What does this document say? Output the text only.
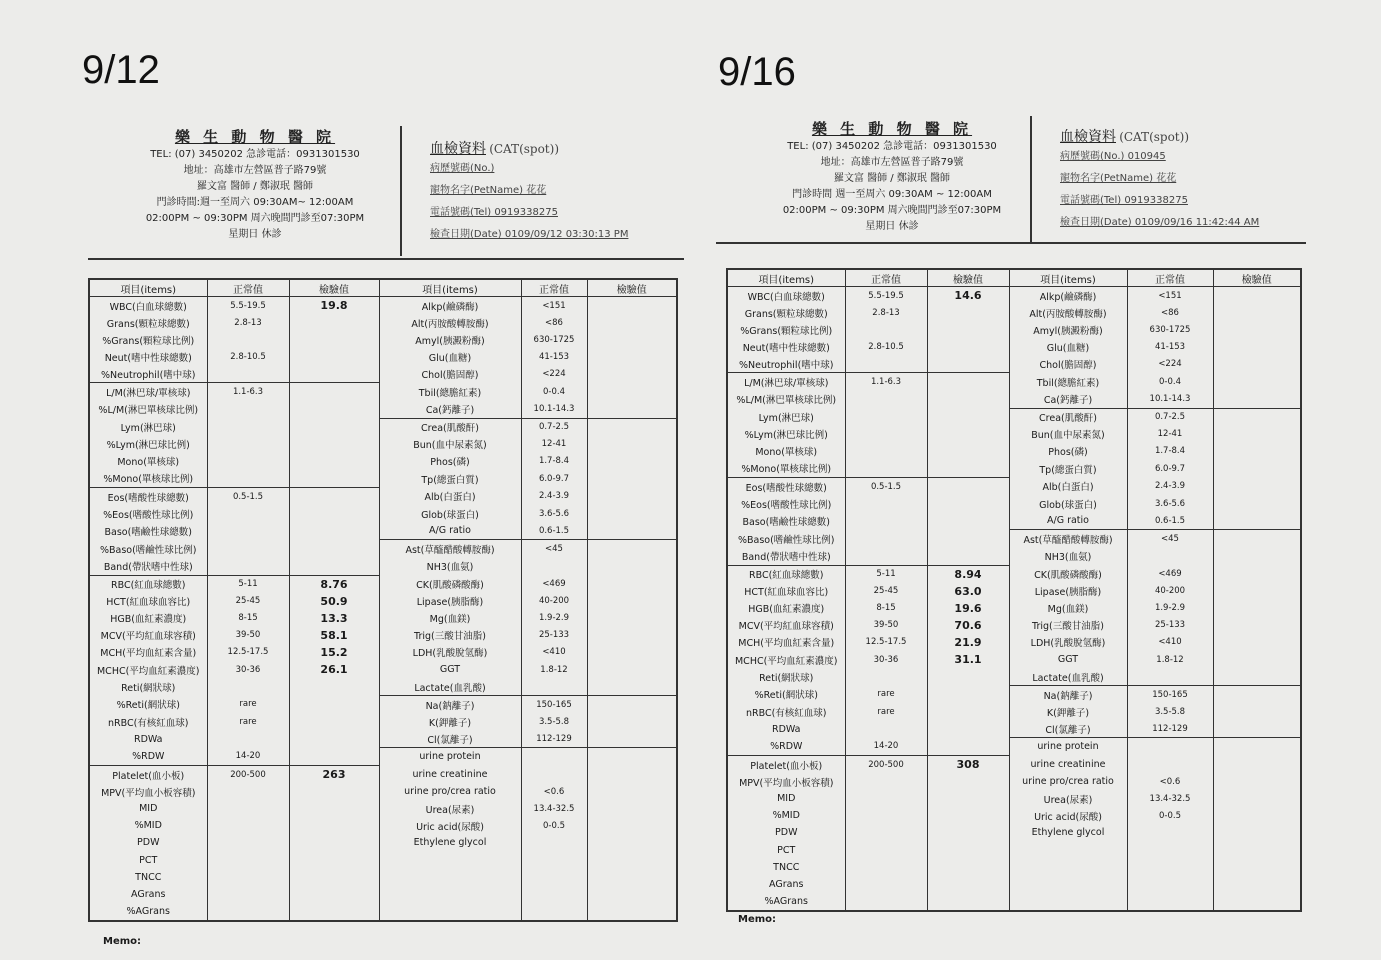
9/12	9/16
樂 生 動 物 醫 院
TEL: (07) 3450202 急診電話：0931301530
地址：高雄市左營區普子路79號
羅文富 醫師 / 鄭淑珉 醫師
門診時間:週一至周六 09:30AM~ 12:00AM
02:00PM ~ 09:30PM 周六晚間門診至07:30PM
星期日 休診
血檢資料 (CAT(spot))
病歷號碼(No.)
寵物名字(PetName) 花花
電話號碼(Tel) 0919338275
檢查日期(Date) 0109/09/12 03:30:13 PM
項目(items)	正常值	檢驗值	項目(items)	正常值	檢驗值
WBC(白血球總數)	5.5-19.5	19.8	Alkp(鹼磷酶)	<151	
Grans(顆粒球總數)	2.8-13		Alt(丙胺酸轉胺酶)	<86	
%Grans(顆粒球比例)			Amyl(胰澱粉酶)	630-1725	
Neut(嗜中性球總數)	2.8-10.5		Glu(血糖)	41-153	
%Neutrophil(嗜中球)			Chol(膽固醇)	<224	
L/M(淋巴球/單核球)	1.1-6.3		Tbil(總膽紅素)	0-0.4	
%L/M(淋巴單核球比例)			Ca(鈣離子)	10.1-14.3	
Lym(淋巴球)			Crea(肌酸酐)	0.7-2.5	
%Lym(淋巴球比例)			Bun(血中尿素氮)	12-41	
Mono(單核球)			Phos(磷)	1.7-8.4	
%Mono(單核球比例)			Tp(總蛋白質)	6.0-9.7	
Eos(嗜酸性球總數)	0.5-1.5		Alb(白蛋白)	2.4-3.9	
%Eos(嗜酸性球比例)			Glob(球蛋白)	3.6-5.6	
Baso(嗜鹼性球總數)			A/G ratio	0.6-1.5	
%Baso(嗜鹼性球比例)			Ast(草醯醋酸轉胺酶)	<45	
Band(帶狀嗜中性球)			NH3(血氨)		
RBC(紅血球總數)	5-11	8.76	CK(肌酸磷酸酶)	<469	
HCT(紅血球血容比)	25-45	50.9	Lipase(胰脂酶)	40-200	
HGB(血紅素濃度)	8-15	13.3	Mg(血鎂)	1.9-2.9	
MCV(平均紅血球容積)	39-50	58.1	Trig(三酸甘油脂)	25-133	
MCH(平均血紅素含量)	12.5-17.5	15.2	LDH(乳酸脫氫酶)	<410	
MCHC(平均血紅素濃度)	30-36	26.1	GGT	1.8-12	
Reti(網狀球)			Lactate(血乳酸)		
%Reti(網狀球)	rare		Na(鈉離子)	150-165	
nRBC(有核紅血球)	rare		K(鉀離子)	3.5-5.8	
RDWa			Cl(氯離子)	112-129	
%RDW	14-20		urine protein		
Platelet(血小板)	200-500	263	urine creatinine		
MPV(平均血小板容積)			urine pro/crea ratio	<0.6	
MID			Urea(尿素)	13.4-32.5	
%MID			Uric acid(尿酸)	0-0.5	
PDW			Ethylene glycol		
PCT					
TNCC					
AGrans					
%AGrans					
Memo:
樂 生 動 物 醫 院
TEL: (07) 3450202 急診電話：0931301530
地址：高雄市左營區普子路79號
羅文富 醫師 / 鄭淑珉 醫師
門診時間 週一至周六 09:30AM ~ 12:00AM
02:00PM ~ 09:30PM 周六晚間門診至07:30PM
星期日 休診
血檢資料 (CAT(spot))
病歷號碼(No.) 010945
寵物名字(PetName) 花花
電話號碼(Tel) 0919338275
檢查日期(Date) 0109/09/16 11:42:44 AM
項目(items)	正常值	檢驗值	項目(items)	正常值	檢驗值
WBC(白血球總數)	5.5-19.5	14.6	Alkp(鹼磷酶)	<151	
Grans(顆粒球總數)	2.8-13		Alt(丙胺酸轉胺酶)	<86	
%Grans(顆粒球比例)			Amyl(胰澱粉酶)	630-1725	
Neut(嗜中性球總數)	2.8-10.5		Glu(血糖)	41-153	
%Neutrophil(嗜中球)			Chol(膽固醇)	<224	
L/M(淋巴球/單核球)	1.1-6.3		Tbil(總膽紅素)	0-0.4	
%L/M(淋巴單核球比例)			Ca(鈣離子)	10.1-14.3	
Lym(淋巴球)			Crea(肌酸酐)	0.7-2.5	
%Lym(淋巴球比例)			Bun(血中尿素氮)	12-41	
Mono(單核球)			Phos(磷)	1.7-8.4	
%Mono(單核球比例)			Tp(總蛋白質)	6.0-9.7	
Eos(嗜酸性球總數)	0.5-1.5		Alb(白蛋白)	2.4-3.9	
%Eos(嗜酸性球比例)			Glob(球蛋白)	3.6-5.6	
Baso(嗜鹼性球總數)			A/G ratio	0.6-1.5	
%Baso(嗜鹼性球比例)			Ast(草醯醋酸轉胺酶)	<45	
Band(帶狀嗜中性球)			NH3(血氨)		
RBC(紅血球總數)	5-11	8.94	CK(肌酸磷酸酶)	<469	
HCT(紅血球血容比)	25-45	63.0	Lipase(胰脂酶)	40-200	
HGB(血紅素濃度)	8-15	19.6	Mg(血鎂)	1.9-2.9	
MCV(平均紅血球容積)	39-50	70.6	Trig(三酸甘油脂)	25-133	
MCH(平均血紅素含量)	12.5-17.5	21.9	LDH(乳酸脫氫酶)	<410	
MCHC(平均血紅素濃度)	30-36	31.1	GGT	1.8-12	
Reti(網狀球)			Lactate(血乳酸)		
%Reti(網狀球)	rare		Na(鈉離子)	150-165	
nRBC(有核紅血球)	rare		K(鉀離子)	3.5-5.8	
RDWa			Cl(氯離子)	112-129	
%RDW	14-20		urine protein		
Platelet(血小板)	200-500	308	urine creatinine		
MPV(平均血小板容積)			urine pro/crea ratio	<0.6	
MID			Urea(尿素)	13.4-32.5	
%MID			Uric acid(尿酸)	0-0.5	
PDW			Ethylene glycol		
PCT					
TNCC					
AGrans					
%AGrans					
Memo:
